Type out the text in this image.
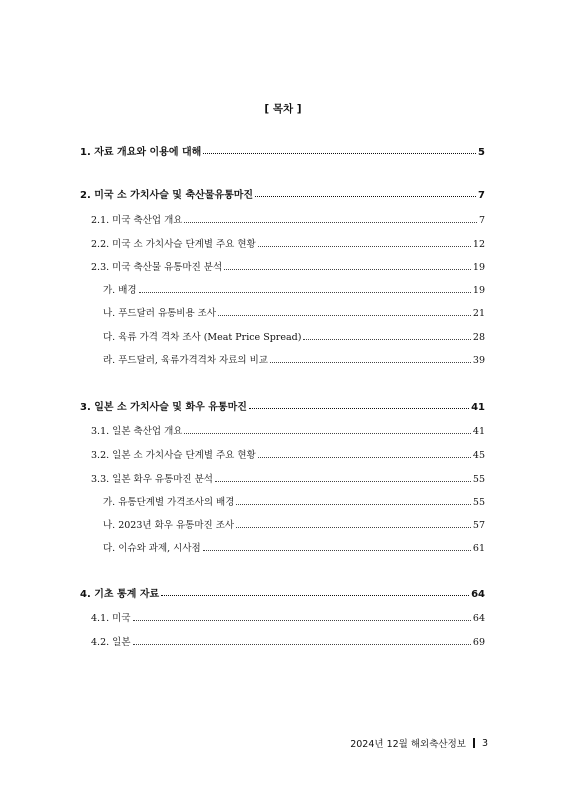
[ 목차 ]
1. 자료 개요와 이용에 대해	5
2. 미국 소 가치사슬 및 축산물유통마진	7
2.1. 미국 축산업 개요	7
2.2. 미국 소 가치사슬 단계별 주요 현황	12
2.3. 미국 축산물 유통마진 분석	19
가. 배경	19
나. 푸드달러 유통비용 조사	21
다. 육류 가격 격차 조사 (Meat Price Spread)	28
라. 푸드달러, 육류가격격차 자료의 비교	39
3. 일본 소 가치사슬 및 화우 유통마진	41
3.1. 일본 축산업 개요	41
3.2. 일본 소 가치사슬 단계별 주요 현황	45
3.3. 일본 화우 유통마진 분석	55
가. 유통단계별 가격조사의 배경	55
나. 2023년 화우 유통마진 조사	57
다. 이슈와 과제, 시사점	61
4. 기초 통계 자료	64
4.1. 미국	64
4.2. 일본	69
2024년 12월 해외축산정보 3
